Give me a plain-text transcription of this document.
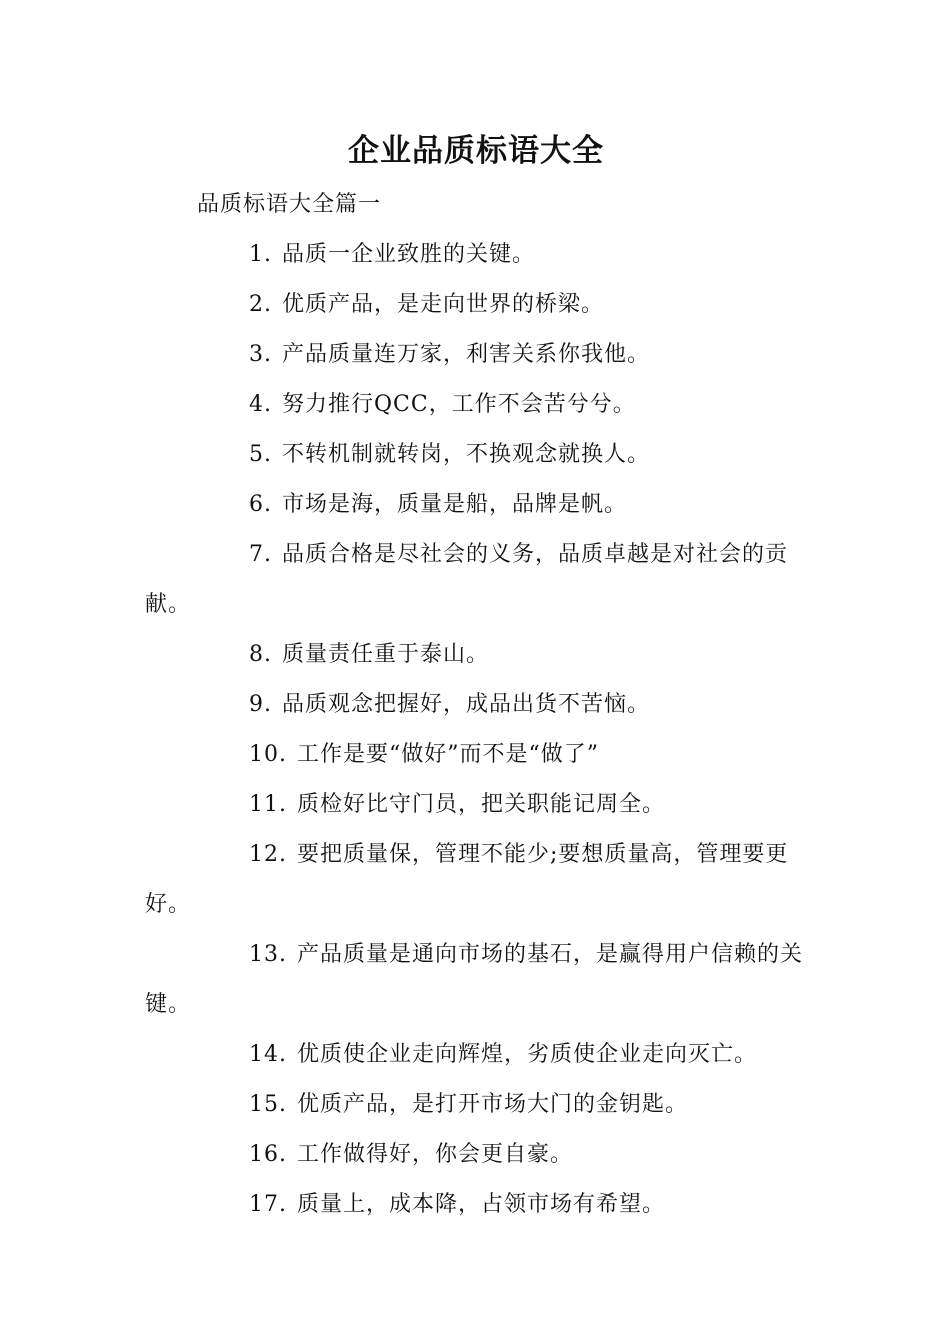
企业品质标语大全

品质标语大全篇一

1. 品质一企业致胜的关键。

2. 优质产品，是走向世界的桥梁。

3. 产品质量连万家，利害关系你我他。

4. 努力推行QCC，工作不会苦兮兮。

5. 不转机制就转岗，不换观念就换人。

6. 市场是海，质量是船，品牌是帆。

7. 品质合格是尽社会的义务，品质卓越是对社会的贡献。

8. 质量责任重于泰山。

9. 品质观念把握好，成品出货不苦恼。

10. 工作是要“做好”而不是“做了”

11. 质检好比守门员，把关职能记周全。

12. 要把质量保，管理不能少;要想质量高，管理要更好。

13. 产品质量是通向市场的基石，是赢得用户信赖的关键。

14. 优质使企业走向辉煌，劣质使企业走向灭亡。

15. 优质产品，是打开市场大门的金钥匙。

16. 工作做得好，你会更自豪。

17. 质量上，成本降，占领市场有希望。
